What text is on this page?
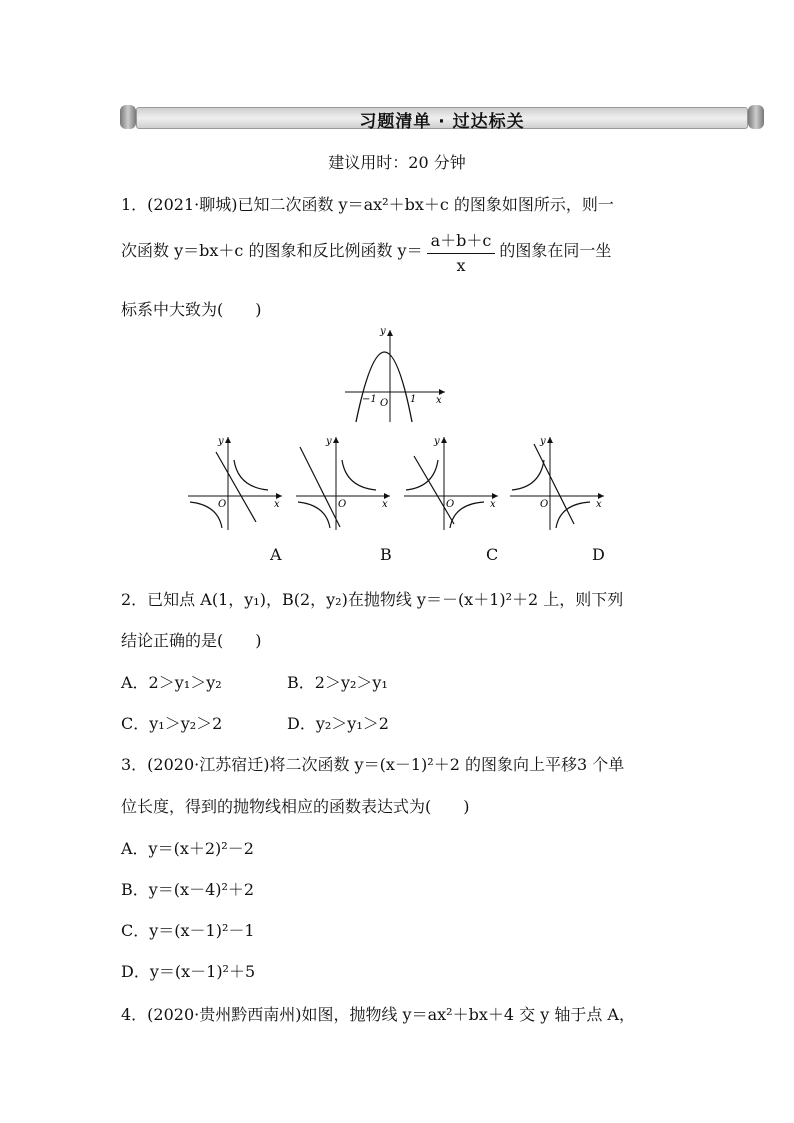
习题清单 · 过达标关
建议用时：20 分钟
1．(2021·聊城)已知二次函数 y＝ax²＋bx＋c 的图象如图所示，则一
次函数 y＝bx＋c 的图象和反比例函数 $y= \frac{a+b+c}{x}$ 的图象在同一坐
标系中大致为(　　)
y
x
O
−1	1
y
x
O
y
x
O
y
x
O
y
x
O
A	B	C	D
2．已知点 A(1，y₁)，B(2，y₂)在抛物线 y＝－(x＋1)²＋2 上，则下列
结论正确的是(　　)
A．2＞y₁＞y₂	B．2＞y₂＞y₁
C．y₁＞y₂＞2	D．y₂＞y₁＞2
3．(2020·江苏宿迁)将二次函数 y＝(x－1)²＋2 的图象向上平移3 个单
位长度，得到的抛物线相应的函数表达式为(　　)
A．y＝(x＋2)²－2
B．y＝(x－4)²＋2
C．y＝(x－1)²－1
D．y＝(x－1)²＋5
4．(2020·贵州黔西南州)如图，抛物线 y＝ax²＋bx＋4 交 y 轴于点 A，
